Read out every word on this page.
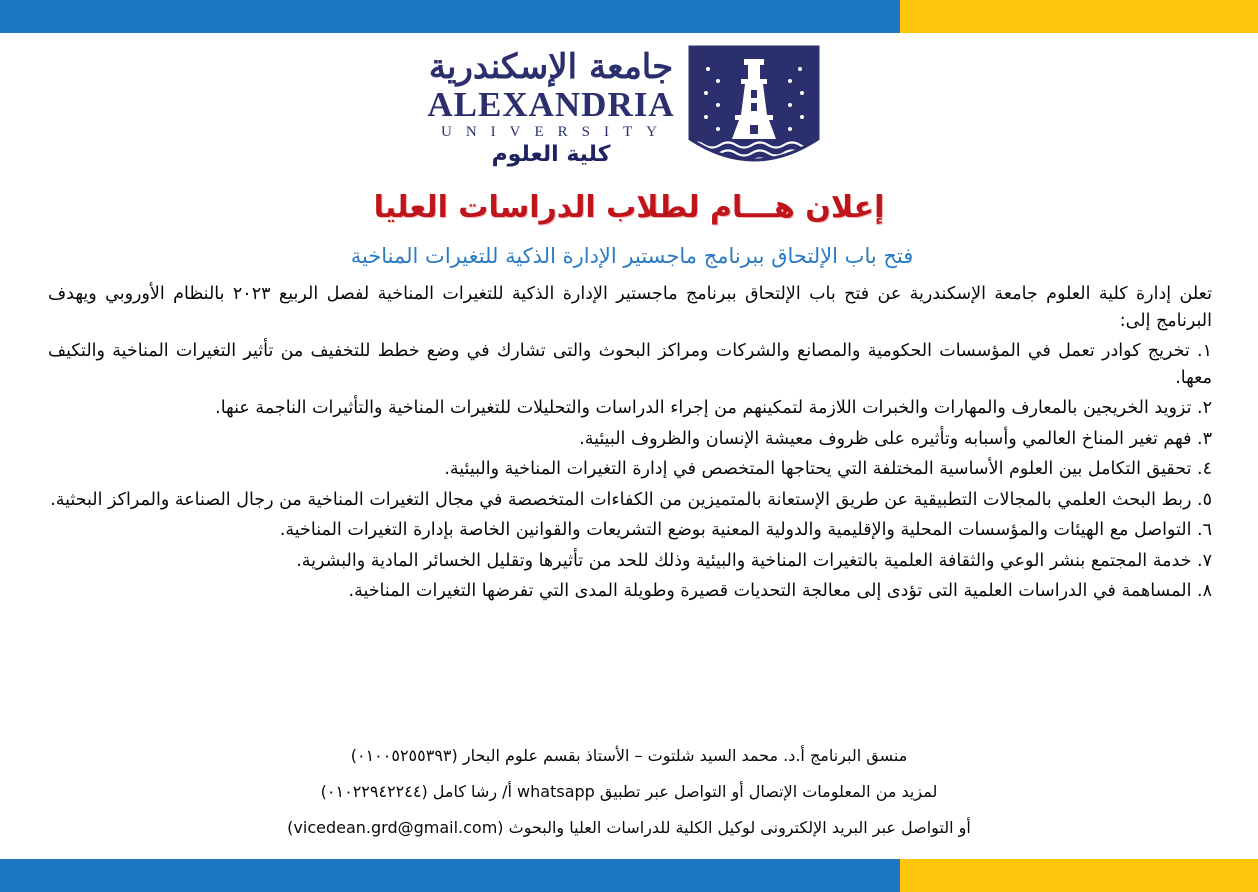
جامعة الإسكندرية
ALEXANDRIA
UNIVERSITY
كلية العلوم
إعلان هـــام لطلاب الدراسات العليا
فتح باب الإلتحاق ببرنامج ماجستير الإدارة الذكية للتغيرات المناخية

تعلن إدارة كلية العلوم جامعة الإسكندرية عن فتح باب الإلتحاق ببرنامج ماجستير الإدارة الذكية للتغيرات المناخية لفصل الربيع ٢٠٢٣ بالنظام الأوروبي ويهدف البرنامج إلى:

١. تخريج كوادر تعمل في المؤسسات الحكومية والمصانع والشركات ومراكز البحوث والتى تشارك في وضع خطط للتخفيف من تأثير التغيرات المناخية والتكيف معها.

٢. تزويد الخريجين بالمعارف والمهارات والخبرات اللازمة لتمكينهم من إجراء الدراسات والتحليلات للتغيرات المناخية والتأثيرات الناجمة عنها.

٣. فهم تغير المناخ العالمي وأسبابه وتأثيره على ظروف معيشة الإنسان والظروف البيئية.

٤. تحقيق التكامل بين العلوم الأساسية المختلفة التي يحتاجها المتخصص في إدارة التغيرات المناخية والبيئية.

٥. ربط البحث العلمي بالمجالات التطبيقية عن طريق الإستعانة بالمتميزين من الكفاءات المتخصصة في مجال التغيرات المناخية من رجال الصناعة والمراكز البحثية.

٦. التواصل مع الهيئات والمؤسسات المحلية والإقليمية والدولية المعنية بوضع التشريعات والقوانين الخاصة بإدارة التغيرات المناخية.

٧. خدمة المجتمع بنشر الوعي والثقافة العلمية بالتغيرات المناخية والبيئية وذلك للحد من تأثيرها وتقليل الخسائر المادية والبشرية.

٨. المساهمة في الدراسات العلمية التى تؤدى إلى معالجة التحديات قصيرة وطويلة المدى التي تفرضها التغيرات المناخية.

منسق البرنامج أ.د. محمد السيد شلتوت – الأستاذ بقسم علوم البحار (٠١٠٠٥٢٥٥٣٩٣)

لمزيد من المعلومات الإتصال أو التواصل عبر تطبيق whatsapp أ/ رشا كامل (٠١٠٢٢٩٤٢٢٤٤)

أو التواصل عبر البريد الإلكترونى لوكيل الكلية للدراسات العليا والبحوث (vicedean.grd@gmail.com)
